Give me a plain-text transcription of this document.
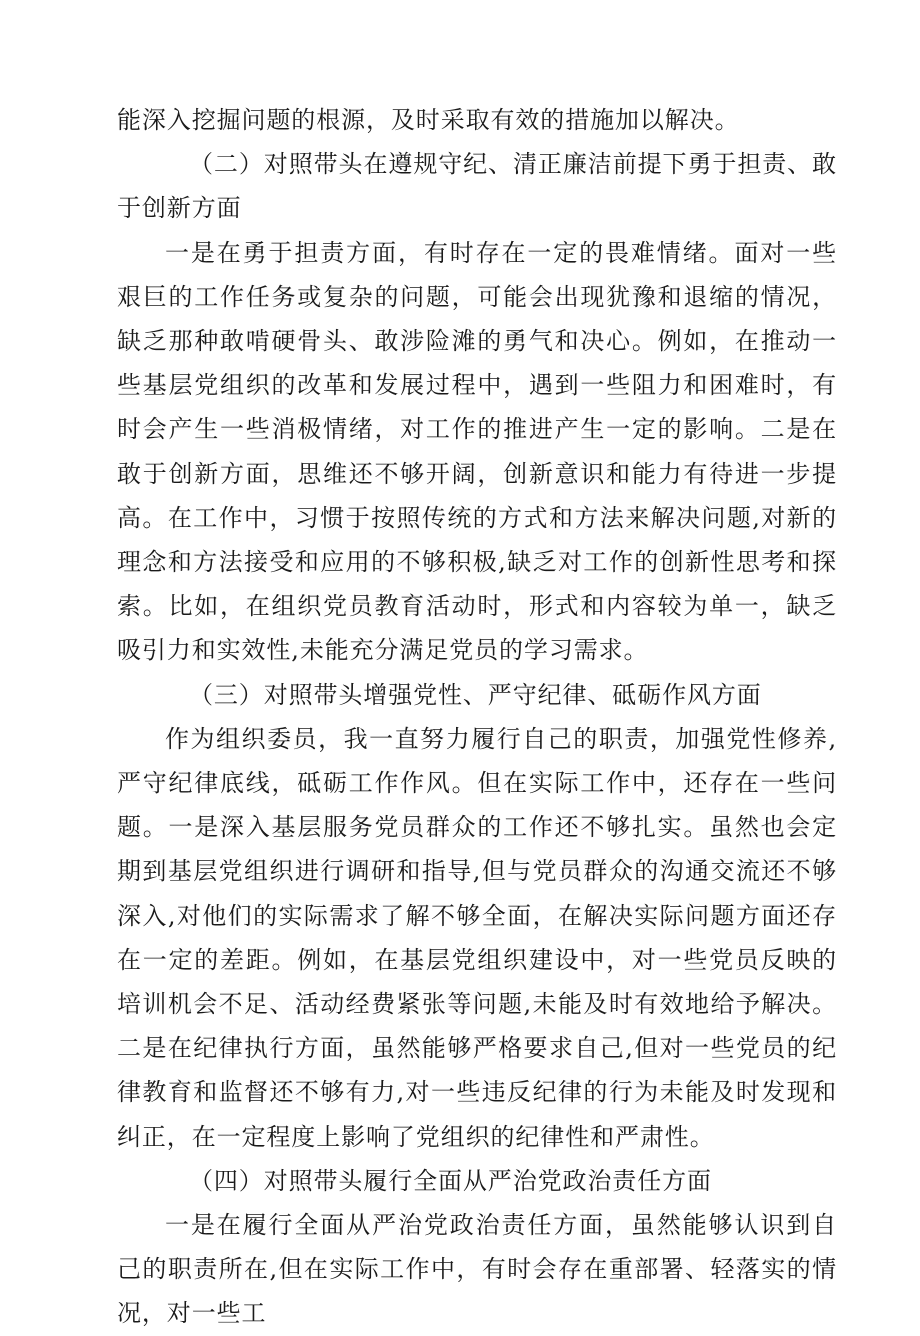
能深入挖掘问题的根源，及时采取有效的措施加以解决。

（二）对照带头在遵规守纪、清正廉洁前提下勇于担责、敢于创新方面

一是在勇于担责方面，有时存在一定的畏难情绪。面对一些艰巨的工作任务或复杂的问题，可能会出现犹豫和退缩的情况，缺乏那种敢啃硬骨头、敢涉险滩的勇气和决心。例如，在推动一些基层党组织的改革和发展过程中，遇到一些阻力和困难时，有时会产生一些消极情绪，对工作的推进产生一定的影响。二是在敢于创新方面，思维还不够开阔，创新意识和能力有待进一步提高。在工作中，习惯于按照传统的方式和方法来解决问题,对新的理念和方法接受和应用的不够积极,缺乏对工作的创新性思考和探索。比如，在组织党员教育活动时，形式和内容较为单一，缺乏吸引力和实效性,未能充分满足党员的学习需求。

（三）对照带头增强党性、严守纪律、砥砺作风方面

作为组织委员，我一直努力履行自己的职责，加强党性修养,严守纪律底线，砥砺工作作风。但在实际工作中，还存在一些问题。一是深入基层服务党员群众的工作还不够扎实。虽然也会定期到基层党组织进行调研和指导,但与党员群众的沟通交流还不够深入,对他们的实际需求了解不够全面，在解决实际问题方面还存在一定的差距。例如，在基层党组织建设中，对一些党员反映的培训机会不足、活动经费紧张等问题,未能及时有效地给予解决。二是在纪律执行方面，虽然能够严格要求自己,但对一些党员的纪律教育和监督还不够有力,对一些违反纪律的行为未能及时发现和纠正，在一定程度上影响了党组织的纪律性和严肃性。

（四）对照带头履行全面从严治党政治责任方面

一是在履行全面从严治党政治责任方面，虽然能够认识到自己的职责所在,但在实际工作中，有时会存在重部署、轻落实的情况，对一些工
